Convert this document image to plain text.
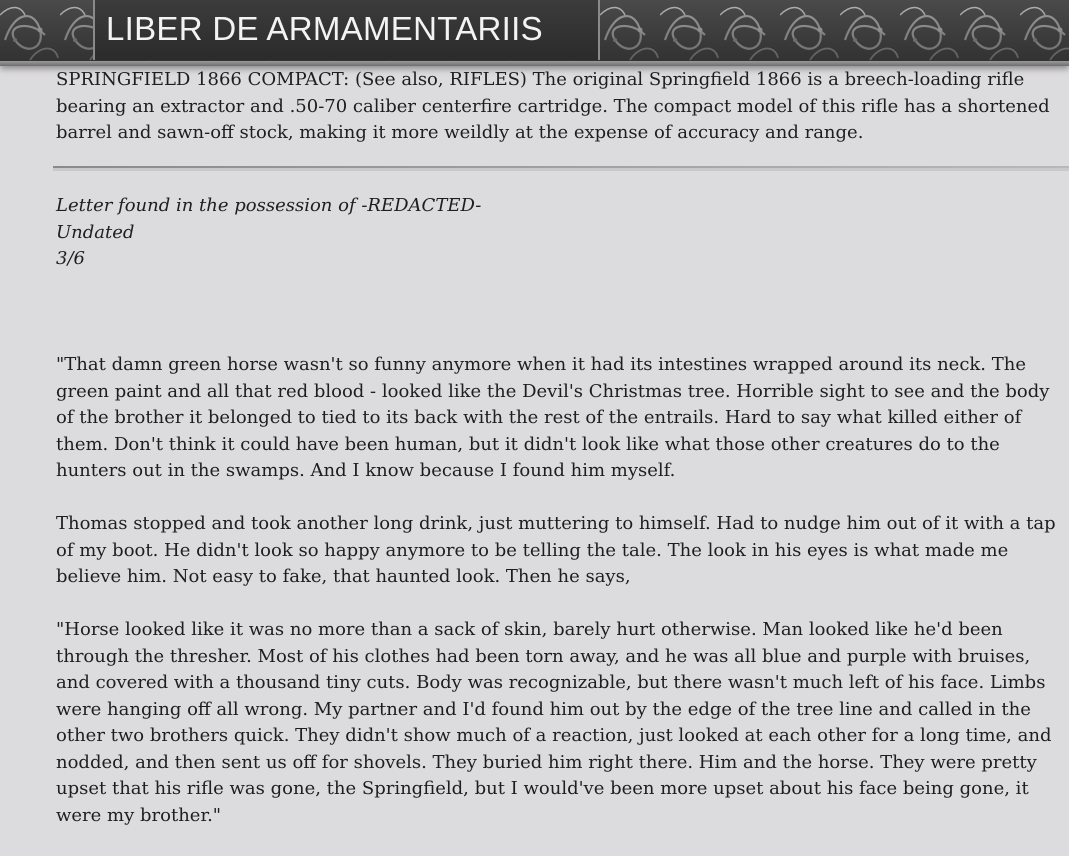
LIBER DE ARMAMENTARIIS
SPRINGFIELD 1866 COMPACT: (See also, RIFLES) The original Springfield 1866 is a breech-loading rifle bearing an extractor and .50-70 caliber centerfire cartridge. The compact model of this rifle has a shortened barrel and sawn-off stock, making it more weildly at the expense of accuracy and range.
Letter found in the possession of -REDACTED-
Undated
3/6

"That damn green horse wasn't so funny anymore when it had its intestines wrapped around its neck. The green paint and all that red blood - looked like the Devil's Christmas tree. Horrible sight to see and the body of the brother it belonged to tied to its back with the rest of the entrails. Hard to say what killed either of them. Don't think it could have been human, but it didn't look like what those other creatures do to the hunters out in the swamps. And I know because I found him myself.

Thomas stopped and took another long drink, just muttering to himself. Had to nudge him out of it with a tap of my boot. He didn't look so happy anymore to be telling the tale. The look in his eyes is what made me believe him. Not easy to fake, that haunted look. Then he says,

"Horse looked like it was no more than a sack of skin, barely hurt otherwise. Man looked like he'd been through the thresher. Most of his clothes had been torn away, and he was all blue and purple with bruises, and covered with a thousand tiny cuts. Body was recognizable, but there wasn't much left of his face. Limbs were hanging off all wrong. My partner and I'd found him out by the edge of the tree line and called in the other two brothers quick. They didn't show much of a reaction, just looked at each other for a long time, and nodded, and then sent us off for shovels. They buried him right there. Him and the horse. They were pretty upset that his rifle was gone, the Springfield, but I would've been more upset about his face being gone, it were my brother."
